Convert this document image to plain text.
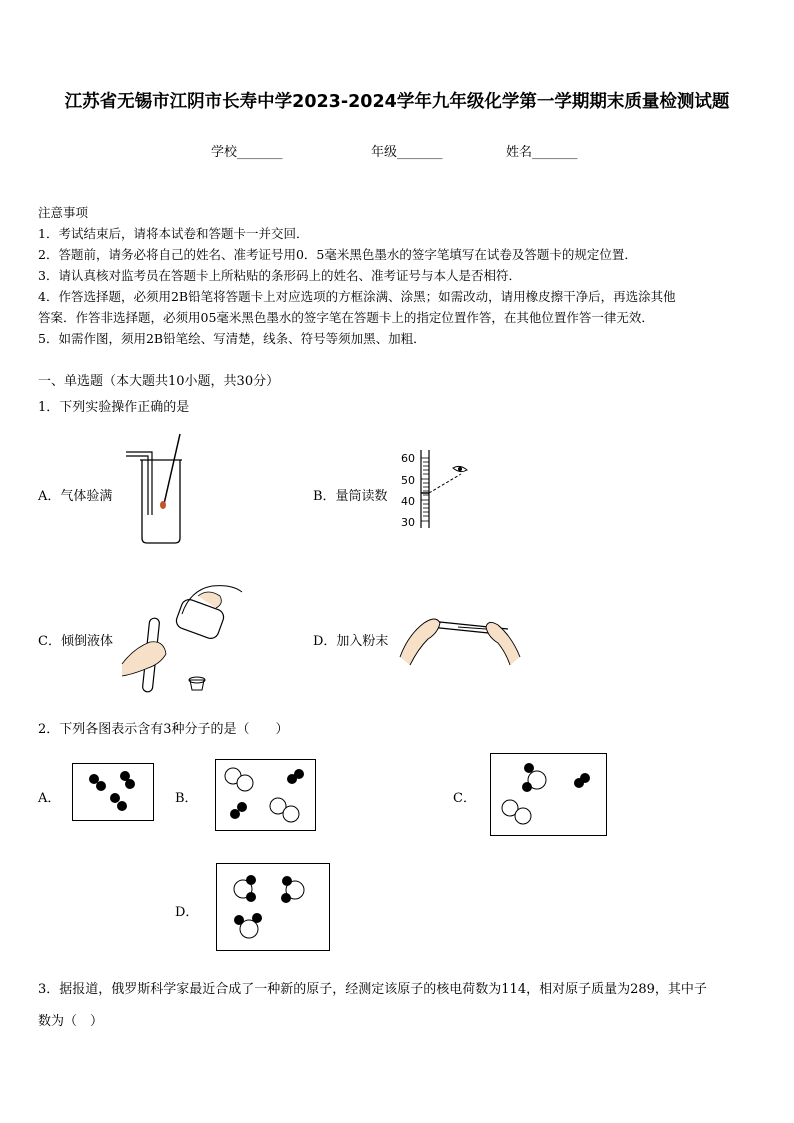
江苏省无锡市江阴市长寿中学2023-2024学年九年级化学第一学期期末质量检测试题
学校_______	年级_______	姓名_______
注意事项
1．考试结束后，请将本试卷和答题卡一并交回．
2．答题前，请务必将自己的姓名、准考证号用0．5毫米黑色墨水的签字笔填写在试卷及答题卡的规定位置．
3．请认真核对监考员在答题卡上所粘贴的条形码上的姓名、准考证号与本人是否相符．
4．作答选择题，必须用2B铅笔将答题卡上对应选项的方框涂满、涂黑；如需改动，请用橡皮擦干净后，再选涂其他
答案．作答非选择题，必须用05毫米黑色墨水的签字笔在答题卡上的指定位置作答，在其他位置作答一律无效．
5．如需作图，须用2B铅笔绘、写清楚，线条、符号等须加黑、加粗．
一、单选题（本大题共10小题，共30分）
1．下列实验操作正确的是
A．气体验满	B．量筒读数
60
50
40
30
C．倾倒液体	D．加入粉末
2．下列各图表示含有3种分子的是（　　）
A．	B．	C．
D．
3．据报道，俄罗斯科学家最近合成了一种新的原子，经测定该原子的核电荷数为114，相对原子质量为289，其中子
数为（　）
